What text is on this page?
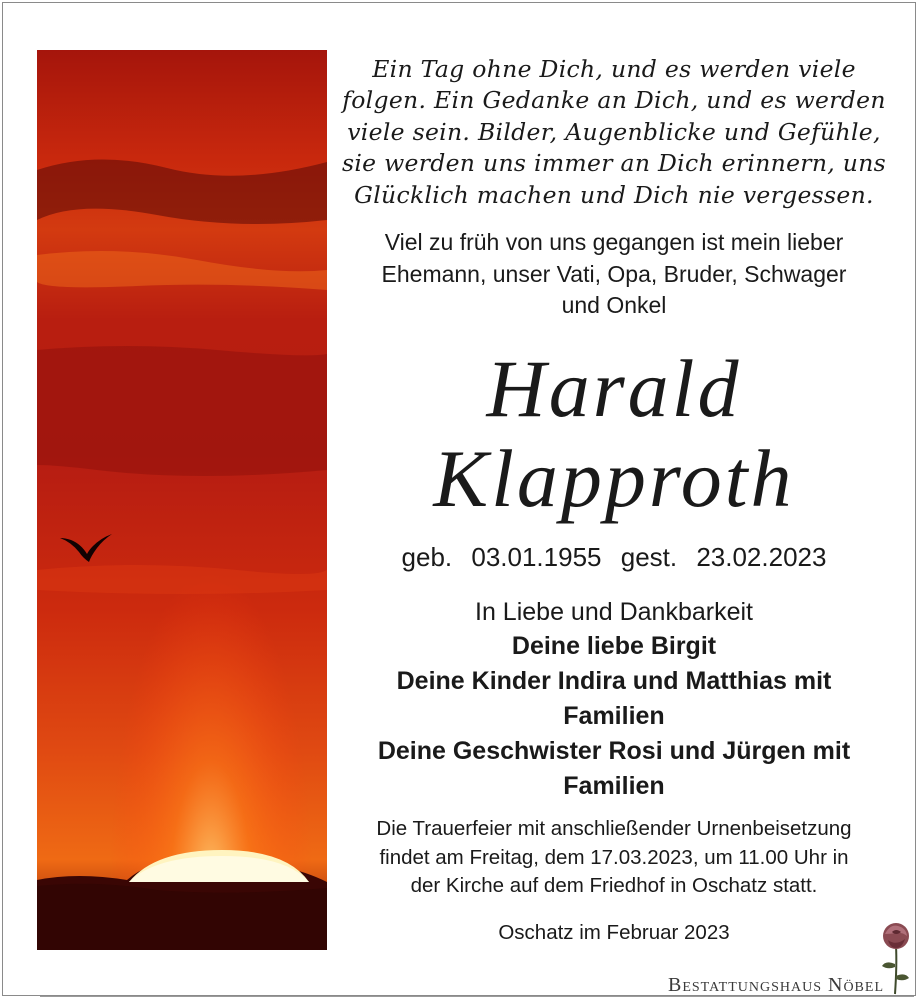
Ein Tag ohne Dich, und es werden viele
folgen. Ein Gedanke an Dich, und es werden
viele sein. Bilder, Augenblicke und Gefühle,
sie werden uns immer an Dich erinnern, uns
Glücklich machen und Dich nie vergessen.
Viel zu früh von uns gegangen ist mein lieber
Ehemann, unser Vati, Opa, Bruder, Schwager
und Onkel
Harald
Klapproth
geb. 03.01.1955 gest. 23.02.2023
In Liebe und Dankbarkeit
Deine liebe Birgit
Deine Kinder Indira und Matthias mit
Familien
Deine Geschwister Rosi und Jürgen mit
Familien
Die Trauerfeier mit anschließender Urnenbeisetzung
findet am Freitag, dem 17.03.2023, um 11.00 Uhr in
der Kirche auf dem Friedhof in Oschatz statt.
Oschatz im Februar 2023
Bestattungshaus Nöbel
